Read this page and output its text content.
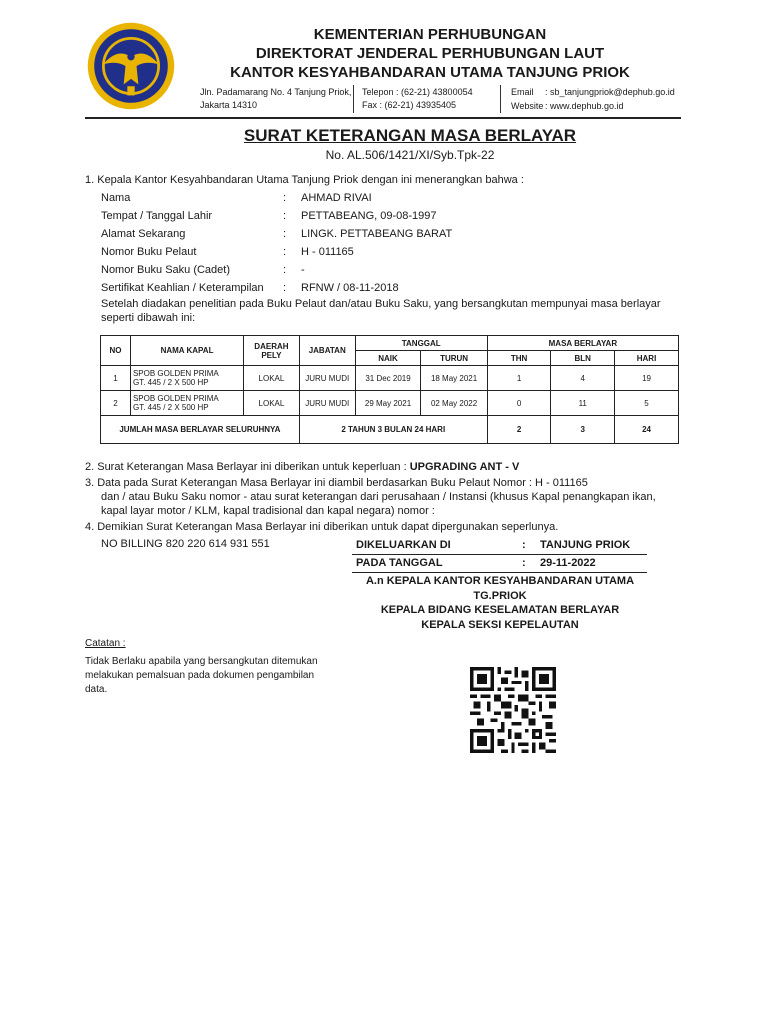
KEMENTERIAN PERHUBUNGAN
DIREKTORAT JENDERAL PERHUBUNGAN LAUT
KANTOR KESYAHBANDARAN UTAMA TANJUNG PRIOK
Jln. Padamarang No. 4 Tanjung Priok,
Jakarta 14310
Telepon : (62-21) 43800054
Fax : (62-21) 43935405
Email : sb_tanjungpriok@dephub.go.id
Website : www.dephub.go.id
SURAT KETERANGAN MASA BERLAYAR
No. AL.506/1421/XI/Syb.Tpk-22
1. Kepala Kantor Kesyahbandaran Utama Tanjung Priok dengan ini menerangkan bahwa :
Nama	: AHMAD RIVAI
Tempat / Tanggal Lahir	: PETTABEANG, 09-08-1997
Alamat Sekarang	: LINGK. PETTABEANG BARAT
Nomor Buku Pelaut	: H - 011165
Nomor Buku Saku (Cadet)	: -
Sertifikat Keahlian / Keterampilan : RFNW / 08-11-2018
Setelah diadakan penelitian pada Buku Pelaut dan/atau Buku Saku, yang bersangkutan mempunyai masa berlayar
seperti dibawah ini:
NO	NAMA KAPAL	DAERAH PELY	JABATAN	TANGGAL		MASA BERLAYAR		
				NAIK	TURUN	THN	BLN	HARI
1	SPOB GOLDEN PRIMA
GT. 445 / 2 X 500 HP	LOKAL	JURU MUDI	31 Dec 2019	18 May 2021	1	4	19
2	SPOB GOLDEN PRIMA
GT. 445 / 2 X 500 HP	LOKAL	JURU MUDI	29 May 2021	02 May 2022	0	11	5
JUMLAH MASA BERLAYAR SELURUHNYA			2 TAHUN 3 BULAN 24 HARI			2	3	24
2. Surat Keterangan Masa Berlayar ini diberikan untuk keperluan : UPGRADING ANT - V
3. Data pada Surat Keterangan Masa Berlayar ini diambil berdasarkan Buku Pelaut Nomor : H - 011165
dan / atau Buku Saku nomor - atau surat keterangan dari perusahaan / Instansi (khusus Kapal penangkapan ikan,
kapal layar motor / KLM, kapal tradisional dan kapal negara) nomor :
4. Demikian Surat Keterangan Masa Berlayar ini diberikan untuk dapat dipergunakan seperlunya.
NO BILLING 820 220 614 931 551	DIKELUARKAN DI	: TANJUNG PRIOK
PADA TANGGAL	: 29-11-2022
A.n KEPALA KANTOR KESYAHBANDARAN UTAMA
TG.PRIOK
KEPALA BIDANG KESELAMATAN BERLAYAR
KEPALA SEKSI KEPELAUTAN
Catatan :
Tidak Berlaku apabila yang bersangkutan ditemukan
melakukan pemalsuan pada dokumen pengambilan
data.
